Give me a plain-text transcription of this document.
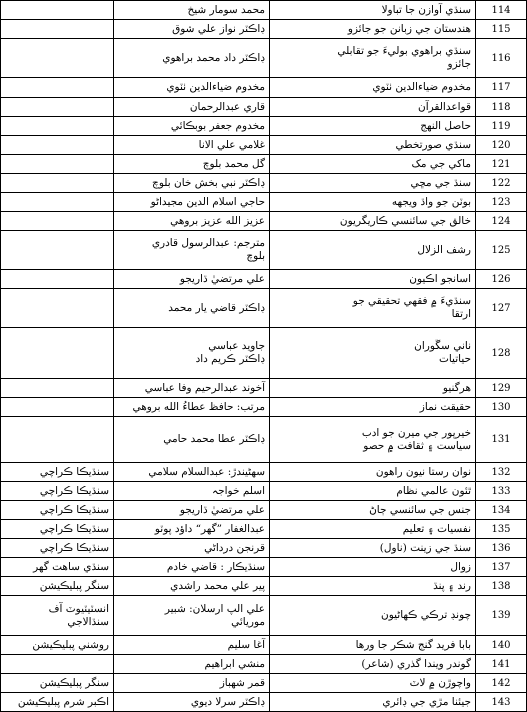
	محمد سومار شيخ	سنڌي آوازن جا تباولا	114

	ڊاڪٽر نواز علي شوق	هندستان جي زبانن جو جائزو	115

	ڊاڪٽر داد محمد براهوي	سنڌي براهوي بوليءَ جو تقابلي
جائزو	116

	مخدوم ضياءالدين ٺٽوي	مخدوم ضياءالدين ٺٽوي	117

	قاري عبدالرحمان	قواعدالقرآن	118

	مخدوم جعفر بوبڪائي	حاصل النهج	119

	غلامي علي الانا	سنڌي صورتخطي	120

	گل محمد بلوچ	ماکي جي مک	121

	ڊاڪٽر نبي بخش خان بلوچ	سنڌ جي مڇي	122

	حاجي اسلام الدين مجيداڻو	بوٽن جو واڌ ويجهه	123

	عزيز الله عزيز بروهي	خالق جي سائنسي ڪاريگريون	124

	مترجم: عبدالرسول قادري
بلوچ	رشف الزلال	125

	علي مرتضيٰ ڌاريجو	اسانجو اڪيون	126

	ڊاڪٽر قاضي يار محمد	سنڌيءَ ۾ فقهي تحقيقي جو
ارتقا	127

	جاويد عباسي
ڊاڪٽر ڪريم داد	ناني سڱوران
حياتيات	128

	آخوند عبدالرحيم وفا عباسي	هرگنيو	129

	مرتب: حافظ عطاءُ الله بروهي	حقيقت نماز	130

	ڊاڪٽر عطا محمد حامي	خيرپور جي ميرن جو ادب
سياست ۽ ثقافت ۾ حصو	131

سنڌيڪا ڪراچي	سهڻيندڙ: عبدالسلام سلامي	نوان رستا نيون راهون	132

سنڌيڪا ڪراچي	اسلم خواجہ	ٿئون عالمي نظام	133

سنڌيڪا ڪراچي	علي مرتضيٰ ڌاريجو	جنس جي سائنسي ڄاڻ	134

سنڌيڪا ڪراچي	عبدالغفار ”گهر“ داؤد پوٽو	نفسيات ۽ تعليم	135

سنڌيڪا ڪراچي	قرنجن درداڻي	سنڌ جي زينت (ناول)	136

سنڌي ساهت گهر	سنڌيڪار : قاضي خادم	زوال	137

سنگر پبليڪيشن	پير علي محمد راشدي	رند ۽ پنڌ	138

انسٽيٽيوٽ آف
سنڌالاجي	علي الپ ارسلان: شبير
موريائي	چونڊ ترڪي ڪهاڻيون	139

روشني پبليڪيشن	آغا سليم	بابا فريد گنج شڪر جا ورها	140

	منشي ابراهيم	گوندر ويندا گذري (شاعر)	141

سنگر پبليڪيشن	قمر شهباز	واچوڙن ۾ لاٽ	142

اڪبر شرم پبليڪيشن	ڊاڪٽر سرلا ديوي	جيئنا مڙي جي ڊائري	143
